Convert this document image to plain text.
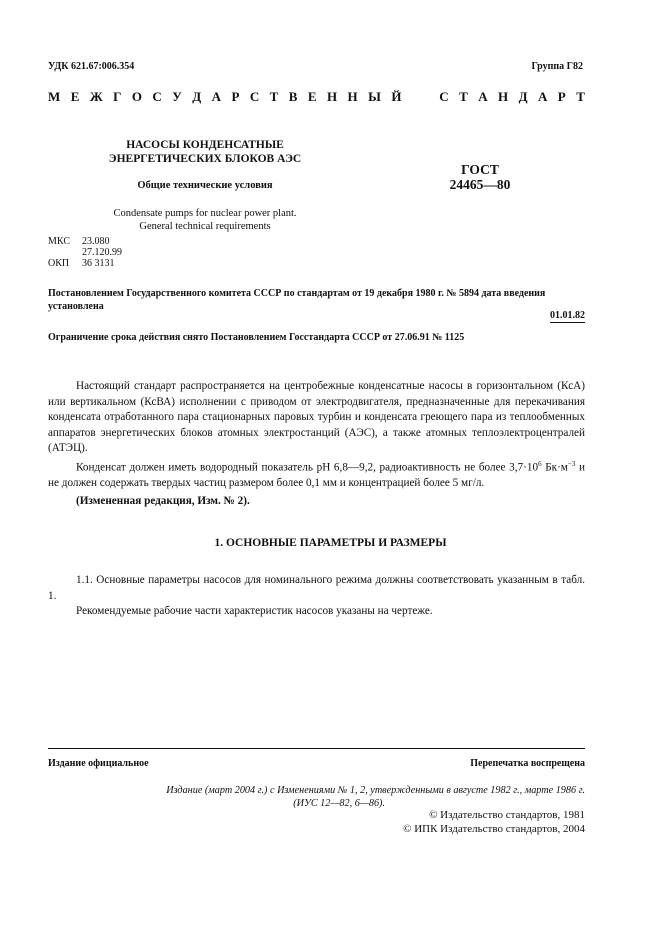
УДК 621.67:006.354	Группа Г82
М Е Ж Г О С У Д А Р С Т В Е Н Н Ы Й

	С Т А Н Д А Р Т
НАСОСЫ КОНДЕНСАТНЫЕ
ЭНЕРГЕТИЧЕСКИХ БЛОКОВ АЭС
Общие технические условия
Condensate pumps for nuclear power plant.
General technical requirements
ГОСТ
24465—80
МКС	23.080
27.120.99
ОКП	36 3131
Постановлением Государственного комитета СССР по стандартам от 19 декабря 1980 г. № 5894 дата введения установлена
01.01.82
Ограничение срока действия снято Постановлением Госстандарта СССР от 27.06.91 № 1125

Настоящий стандарт распространяется на центробежные конденсатные насосы в горизонтальном (КсА) или вертикальном (КсВА) исполнении с приводом от электродвигателя, предназначенные для перекачивания конденсата отработанного пара стационарных паровых турбин и конденсата греющего пара из теплообменных аппаратов энергетических блоков атомных электростанций (АЭС), а также атомных теплоэлектроцентралей (АТЭЦ).

Конденсат должен иметь водородный показатель рН 6,8—9,2, радиоактивность не более $3,7\cdot 10^6$ $Бк\cdot м^{-3}$ и не должен содержать твердых частиц размером более 0,1 мм и концентрацией более 5 мг/л.

(Измененная редакция, Изм. № 2).

1. ОСНОВНЫЕ ПАРАМЕТРЫ И РАЗМЕРЫ

1.1. Основные параметры насосов для номинального режима должны соответствовать указанным в табл. 1.

Рекомендуемые рабочие части характеристик насосов указаны на чертеже.

Издание официальное	Перепечатка воспрещена
Издание (март 2004 г.) с Изменениями № 1, 2, утвержденными в августе 1982 г., марте 1986 г.
(ИУС 12—82, 6—86).
© Издательство стандартов, 1981
© ИПК Издательство стандартов, 2004
